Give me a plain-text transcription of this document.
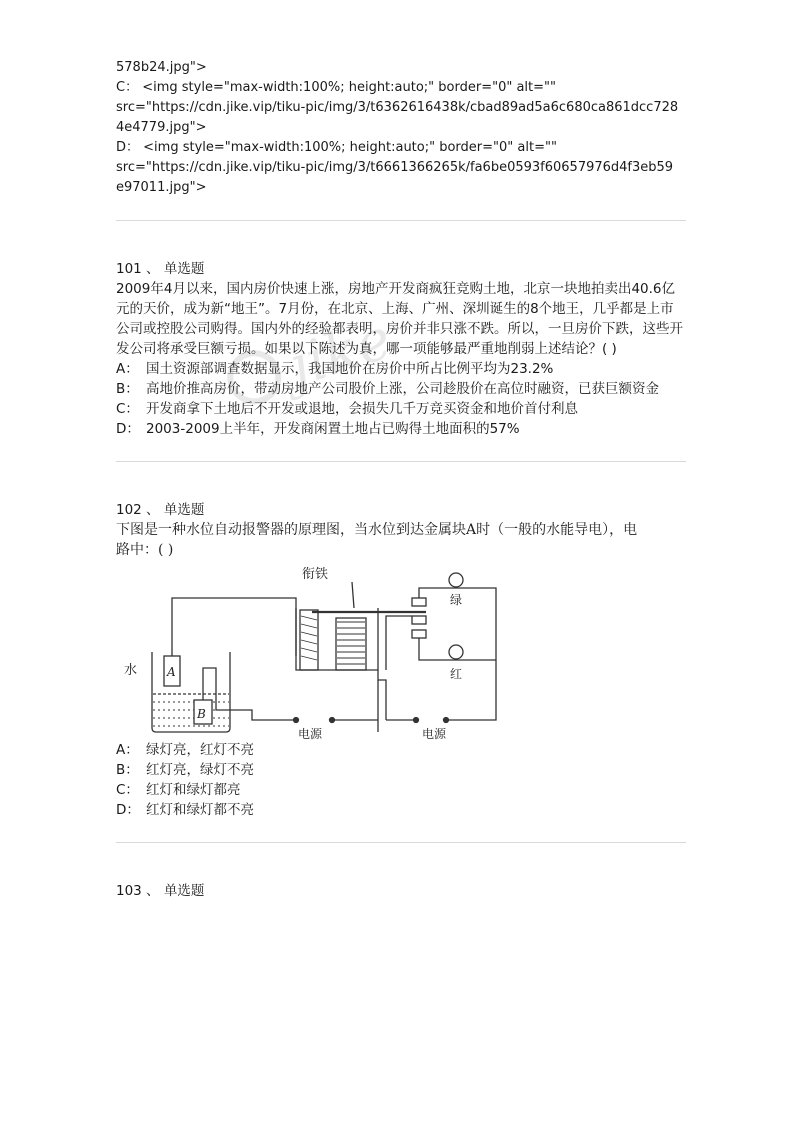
578b24.jpg">
C： <img style="max-width:100%; height:auto;" border="0" alt=""
src="https://cdn.jike.vip/tiku-pic/img/3/t6362616438k/cbad89ad5a6c680ca861dcc728
4e4779.jpg">
D： <img style="max-width:100%; height:auto;" border="0" alt=""
src="https://cdn.jike.vip/tiku-pic/img/3/t6661366265k/fa6be0593f60657976d4f3eb59
e97011.jpg">
101 、 单选题
2009年4月以来，国内房价快速上涨，房地产开发商疯狂竞购土地，北京一块地拍卖出40.6亿元的天价，成为新“地王”。7月份，在北京、上海、广州、深圳诞生的8个地王，几乎都是上市公司或控股公司购得。国内外的经验都表明，房价并非只涨不跌。所以，一旦房价下跌，这些开发公司将承受巨额亏损。如果以下陈述为真，哪一项能够最严重地削弱上述结论？( )
A： 国土资源部调查数据显示，我国地价在房价中所占比例平均为23.2%
B： 高地价推高房价，带动房地产公司股价上涨，公司趁股价在高位时融资，已获巨额资金
C： 开发商拿下土地后不开发或退地，会损失几千万竞买资金和地价首付利息
D： 2003-2009上半年，开发商闲置土地占已购得土地面积的57%
102 、 单选题
下图是一种水位自动报警器的原理图，当水位到达金属块A时（一般的水能导电），电
路中：( )
水 A
B
衔铁
绿
红
电源	电源
A： 绿灯亮，红灯不亮
B： 红灯亮，绿灯不亮
C： 红灯和绿灯都亮
D： 红灯和绿灯都不亮
103 、 单选题
jike
